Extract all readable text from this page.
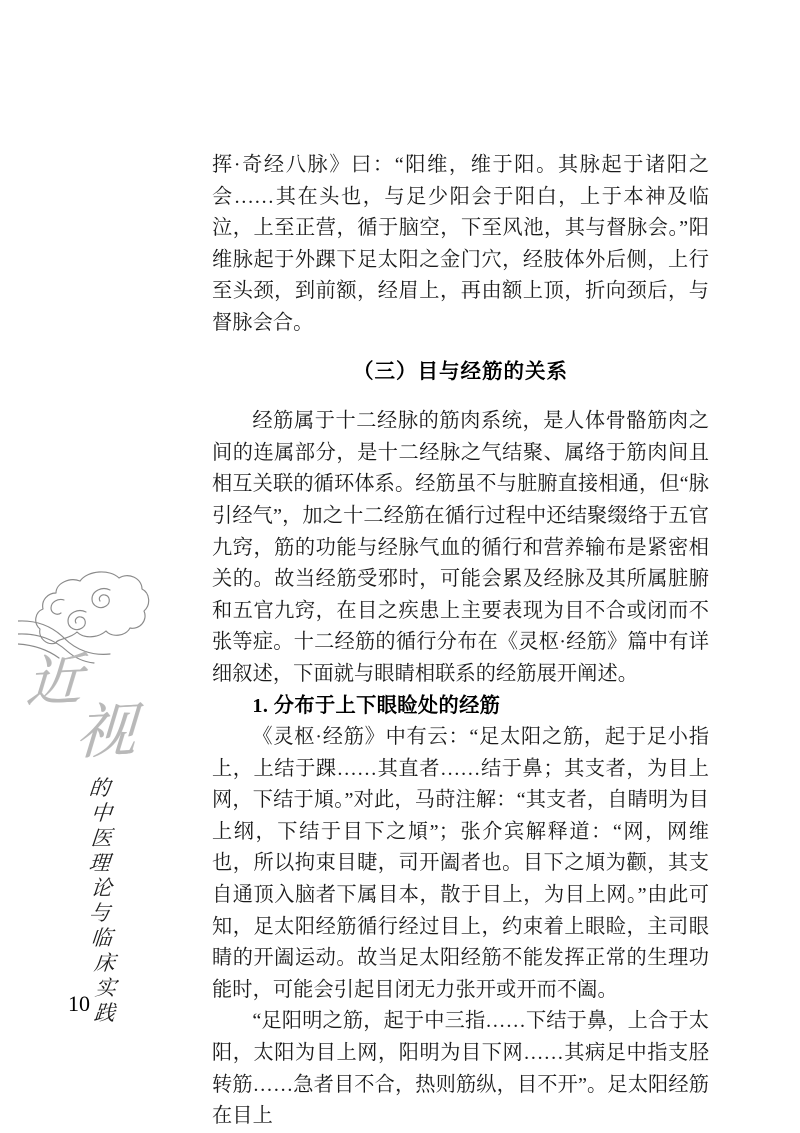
近
视
的
中
医
理
论
与
临
床
实
践
10

挥·奇经八脉》曰：“阳维，维于阳。其脉起于诸阳之会……其在头也，与足少阳会于阳白，上于本神及临泣，上至正营，循于脑空，下至风池，其与督脉会。”阳维脉起于外踝下足太阳之金门穴，经肢体外后侧，上行至头颈，到前额，经眉上，再由额上顶，折向颈后，与督脉会合。

（三）目与经筋的关系

经筋属于十二经脉的筋肉系统，是人体骨骼筋肉之间的连属部分，是十二经脉之气结聚、属络于筋肉间且相互关联的循环体系。经筋虽不与脏腑直接相通，但“脉引经气”，加之十二经筋在循行过程中还结聚缀络于五官九窍，筋的功能与经脉气血的循行和营养输布是紧密相关的。故当经筋受邪时，可能会累及经脉及其所属脏腑和五官九窍，在目之疾患上主要表现为目不合或闭而不张等症。十二经筋的循行分布在《灵枢·经筋》篇中有详细叙述，下面就与眼睛相联系的经筋展开阐述。

1. 分布于上下眼睑处的经筋

《灵枢·经筋》中有云：“足太阳之筋，起于足小指上，上结于踝……其直者……结于鼻；其支者，为目上网，下结于頄。”对此，马莳注解：“其支者，自睛明为目上纲，下结于目下之頄”；张介宾解释道：“网，网维也，所以拘束目睫，司开阖者也。目下之頄为颧，其支自通顶入脑者下属目本，散于目上，为目上网。”由此可知，足太阳经筋循行经过目上，约束着上眼睑，主司眼睛的开阖运动。故当足太阳经筋不能发挥正常的生理功能时，可能会引起目闭无力张开或开而不阖。

“足阳明之筋，起于中三指……下结于鼻，上合于太阳，太阳为目上网，阳明为目下网……其病足中指支胫转筋……急者目不合，热则筋纵，目不开”。足太阳经筋在目上
